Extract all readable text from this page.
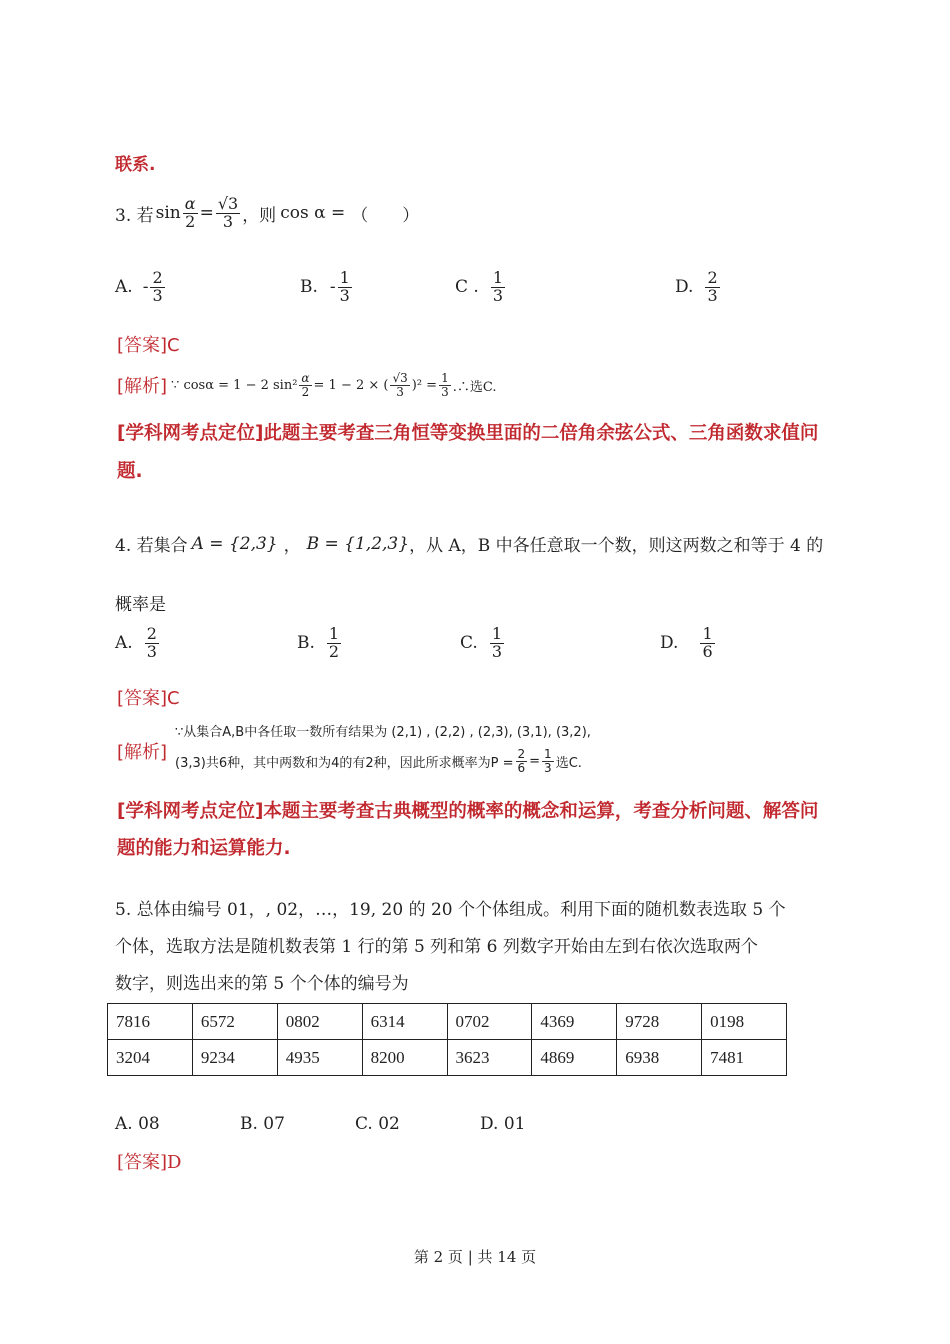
联系.
3. 若 $\sin \frac{\alpha}{2} = \frac{√3}{3}$ ，则 cos α = （　　）
A. - $\frac{2}{3}$	B. - $\frac{1}{3}$	C . $\frac{1}{3}$	D. $\frac{2}{3}$
[答案]C
[解析] ∵ cosα = 1 − 2 $\sin^2 \frac{\alpha}{2} = 1 - 2$ × ( $\frac{√3}{3} )^2 = \frac{1}{3}$ .∴选C.
[学科网考点定位]此题主要考查三角恒等变换里面的二倍角余弦公式、三角函数求值问
题.
4. 若集合 A = {2,3} ， B = {1,2,3} ，从 A，B 中各任意取一个数，则这两数之和等于 4 的
概率是
A. $\frac{2}{3}$	B. $\frac{1}{2}$	C. $\frac{1}{3}$	D. $\frac{1}{6}$
[答案]C
[解析]
∵从集合A,B中各任取一数所有结果为 (2,1) , (2,2) , (2,3), (3,1), (3,2),
(3,3)共6种，其中两数和为4的有2种，因此所求概率为$P = \frac{2}{6} = \frac{1}{3}$ 选C.
[学科网考点定位]本题主要考查古典概型的概率的概念和运算，考查分析问题、解答问
题的能力和运算能力.
5. 总体由编号 01，, 02，…，19, 20 的 20 个个体组成。利用下面的随机数表选取 5 个
个体，选取方法是随机数表第 1 行的第 5 列和第 6 列数字开始由左到右依次选取两个
数字，则选出来的第 5 个个体的编号为
7816	6572	0802	6314	0702	4369	9728	0198
3204	9234	4935	8200	3623	4869	6938	7481
A. 08	B. 07	C. 02	D. 01
[答案]D
第 2 页 | 共 14 页
